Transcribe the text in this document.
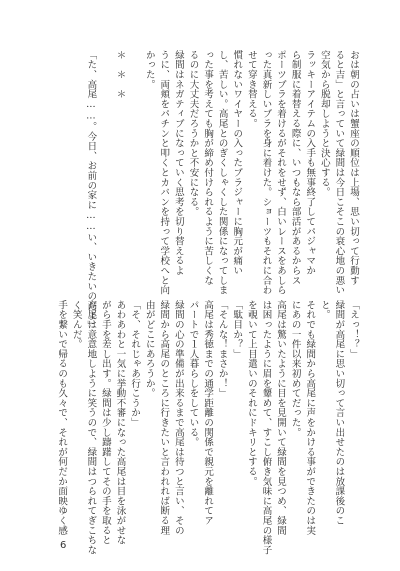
おは朝の占いは蟹座の順位は上場、思い切って行動す
ると吉」と言っていて緑間は今日こそこの衰心地の悪い
空気から脱却しようと決心する。
ラッキーアイテムの入手も無事終了してパジャマか
ら制服に着替える際に、いつもなら部活があるからス
ポーツブラを着けるがそれをせず、白いレースをあしら
った真新しいブラを身に着けた。ショーツもそれに合わ
せて穿き替える。
慣れないワイヤーの入ったブラジャーに胸元が痛い
し、苦しい。高尾とのぎくしゃくした関係になってしま
った事を考えても胸が締め付けられるように苦しくな
るのに大丈夫だろうかと不安になる。
緑間はネガティブになっていく思考を切り替えるよ
うに、両頬をパチンと叩くとカバンを持って学校へと向
かった。
＊　＊　＊
「た、高尾……。今日、お前の家に……い、いきたいのだよ」	「えっ！？」
緑間が高尾に思い切って言い出せたのは放課後のこ
と。
それでも緑間から高尾に声をかける事ができたのは実
にあの一件以来初めてだった。
高尾は驚いたように目を見開いて緑間を見つめ、緑間
は困ったように眉を顰めて、すこし俯き気味に高尾の様子
を覗いて上目遣いのそれにドキリとする。
「駄目か？」
「そんな！まさか！」
高尾は秀徳までの通学距離の関係で親元を離れてア
パートで１人暮らしをしている。
緑間の心の準備が出来るまで高尾は待つと言い、その
緑間から高尾のところに行きたいと言われれば断る理
由がどこにあろうか。
「そ、それじゃあ行こうか」
あわあわと一気に挙動不審になった高尾は目を泳がせな
がら手を差し出す。緑間は少し躊躇してその手を取ると
高尾は意意地しように笑うので、緑間はつられてぎこちな
く笑んだ。
手を繋いで帰るのも久々で、それが何だか面映ゆく感
6
